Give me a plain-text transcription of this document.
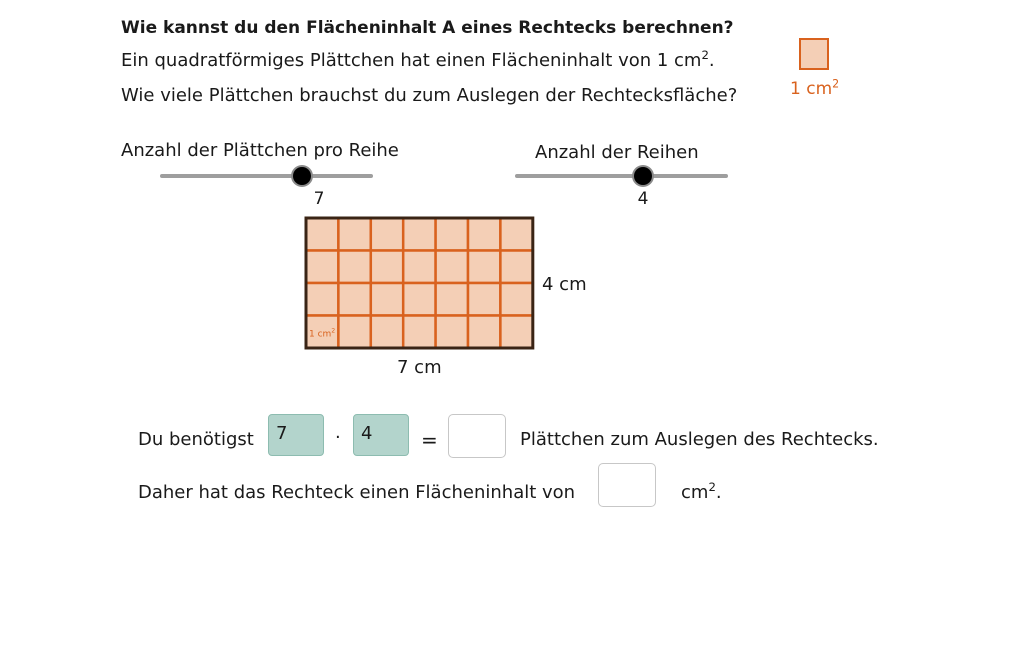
Wie kannst du den Flächeninhalt A eines Rechtecks berechnen?
Ein quadratförmiges Plättchen hat einen Flächeninhalt von 1 $cm^2$.
Wie viele Plättchen brauchst du zum Auslegen der Rechtecksfläche?	1 $cm^2$
Anzahl der Plättchen pro Reihe
7
Anzahl der Reihen
4
1 $cm^2$
4 cm
7 cm
Du benötigst	7	·	4	=	Plättchen zum Auslegen des Rechtecks.
Daher hat das Rechteck einen Flächeninhalt von	$cm^2$.
